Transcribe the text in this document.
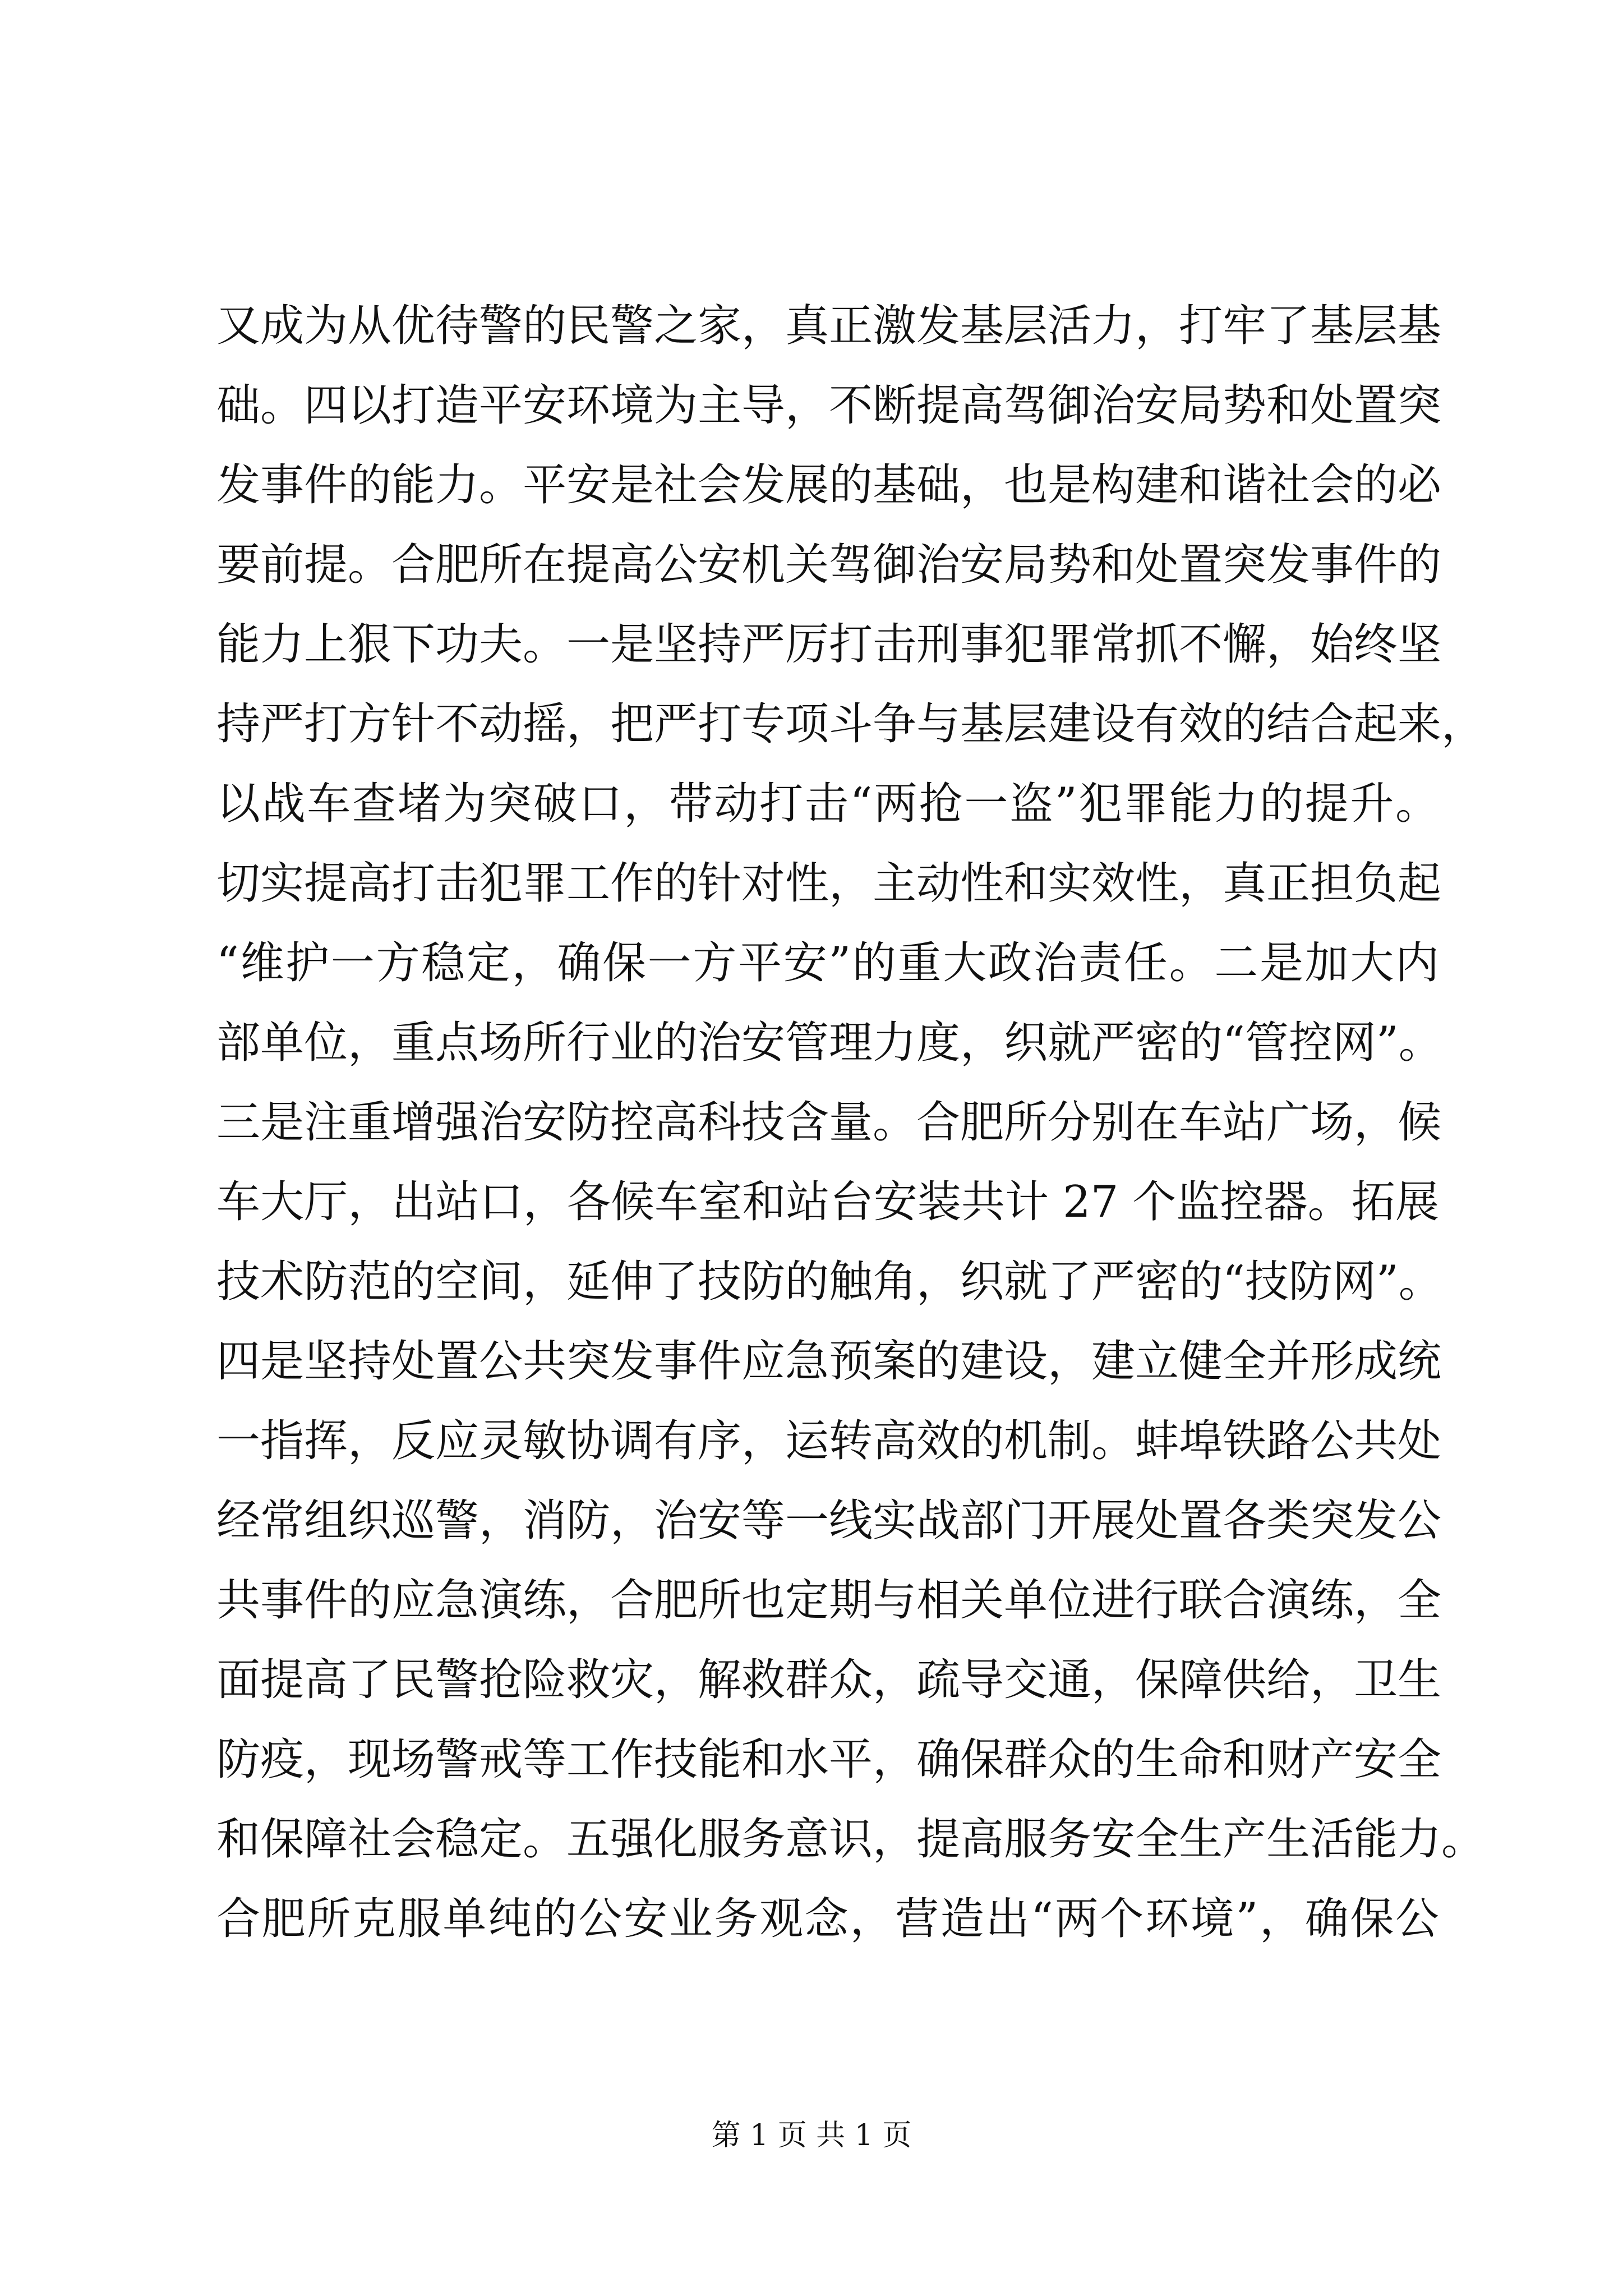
又成为从优待警的民警之家，真正激发基层活力，打牢了基层基
础。四以打造平安环境为主导，不断提高驾御治安局势和处置突
发事件的能力。平安是社会发展的基础，也是构建和谐社会的必
要前提。合肥所在提高公安机关驾御治安局势和处置突发事件的
能力上狠下功夫。一是坚持严厉打击刑事犯罪常抓不懈，始终坚
持严打方针不动摇，把严打专项斗争与基层建设有效的结合起来，
以战车查堵为突破口，带动打击“两抢一盗”犯罪能力的提升。
切实提高打击犯罪工作的针对性，主动性和实效性，真正担负起
“维护一方稳定，确保一方平安”的重大政治责任。二是加大内
部单位，重点场所行业的治安管理力度，织就严密的“管控网”。
三是注重增强治安防控高科技含量。合肥所分别在车站广场，候
车大厅，出站口，各候车室和站台安装共计 27 个监控器。拓展
技术防范的空间，延伸了技防的触角，织就了严密的“技防网”。
四是坚持处置公共突发事件应急预案的建设，建立健全并形成统
一指挥，反应灵敏协调有序，运转高效的机制。蚌埠铁路公共处
经常组织巡警，消防，治安等一线实战部门开展处置各类突发公
共事件的应急演练，合肥所也定期与相关单位进行联合演练，全
面提高了民警抢险救灾，解救群众，疏导交通，保障供给，卫生
防疫，现场警戒等工作技能和水平，确保群众的生命和财产安全
和保障社会稳定。五强化服务意识，提高服务安全生产生活能力。
合肥所克服单纯的公安业务观念，营造出“两个环境”，确保公
第 1 页 共 1 页
